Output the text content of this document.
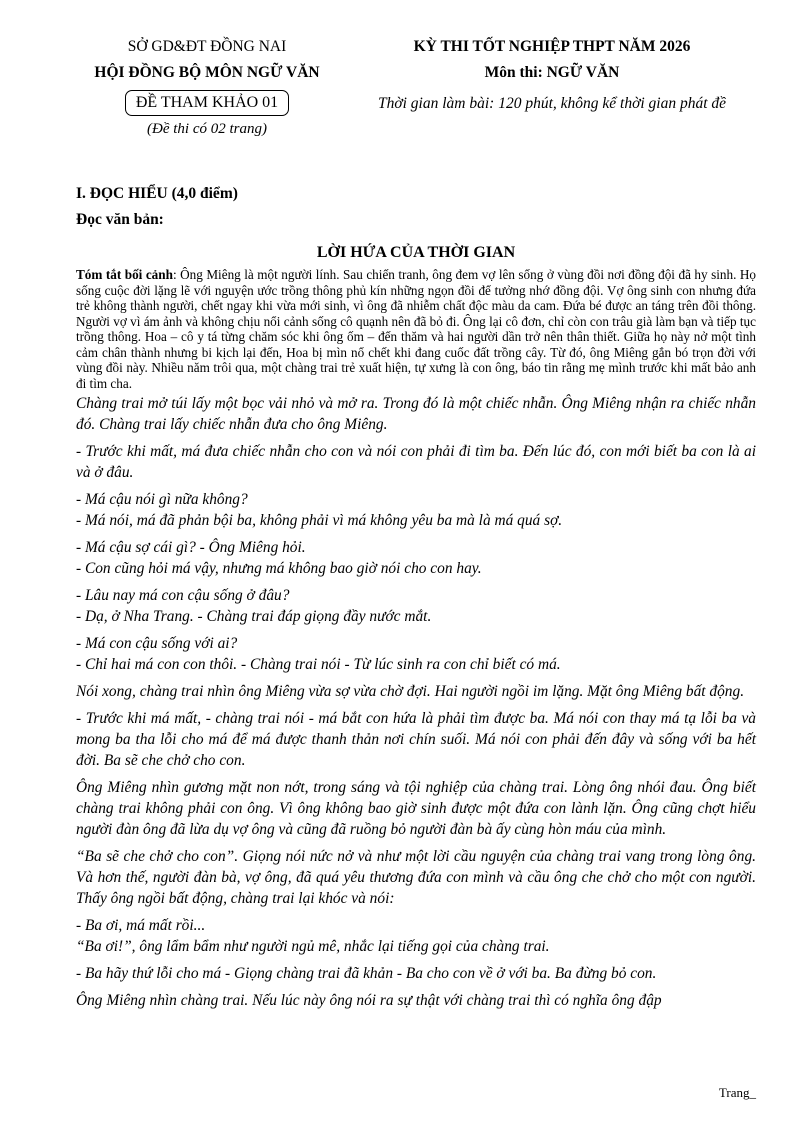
SỞ GD&ĐT ĐỒNG NAI
HỘI ĐỒNG BỘ MÔN NGỮ VĂN
ĐỀ THAM KHẢO 01
(Đề thi có 02 trang)
KỲ THI TỐT NGHIỆP THPT NĂM 2026
Môn thi: NGỮ VĂN
Thời gian làm bài: 120 phút, không kể thời gian phát đề
I. ĐỌC HIỂU (4,0 điểm)
Đọc văn bản:
LỜI HỨA CỦA THỜI GIAN
Tóm tắt bối cảnh: Ông Miêng là một người lính. Sau chiến tranh, ông đem vợ lên sống ở vùng đồi nơi đồng đội đã hy sinh. Họ sống cuộc đời lặng lẽ với nguyện ước trồng thông phủ kín những ngọn đồi để tưởng nhớ đồng đội. Vợ ông sinh con nhưng đứa trẻ không thành người, chết ngay khi vừa mới sinh, vì ông đã nhiễm chất độc màu da cam. Đứa bé được an táng trên đồi thông. Người vợ vì ám ảnh và không chịu nổi cảnh sống cô quạnh nên đã bỏ đi. Ông lại cô đơn, chỉ còn con trâu già làm bạn và tiếp tục trồng thông. Hoa – cô y tá từng chăm sóc khi ông ốm – đến thăm và hai người dần trở nên thân thiết. Giữa họ này nở một tình cảm chân thành nhưng bi kịch lại đến, Hoa bị mìn nổ chết khi đang cuốc đất trồng cây. Từ đó, ông Miêng gắn bó trọn đời với vùng đồi này. Nhiều năm trôi qua, một chàng trai trẻ xuất hiện, tự xưng là con ông, báo tin rằng mẹ mình trước khi mất bảo anh đi tìm cha.
Chàng trai mở túi lấy một bọc vải nhỏ và mở ra. Trong đó là một chiếc nhẫn. Ông Miêng nhận ra chiếc nhẫn đó. Chàng trai lấy chiếc nhẫn đưa cho ông Miêng.
- Trước khi mất, má đưa chiếc nhẫn cho con và nói con phải đi tìm ba. Đến lúc đó, con mới biết ba con là ai và ở đâu.
- Má cậu nói gì nữa không?
- Má nói, má đã phản bội ba, không phải vì má không yêu ba mà là má quá sợ.
- Má cậu sợ cái gì? - Ông Miêng hỏi.
- Con cũng hỏi má vậy, nhưng má không bao giờ nói cho con hay.
- Lâu nay má con cậu sống ở đâu?
- Dạ, ở Nha Trang. - Chàng trai đáp giọng đầy nước mắt.
- Má con cậu sống với ai?
- Chỉ hai má con con thôi. - Chàng trai nói - Từ lúc sinh ra con chỉ biết có má.
Nói xong, chàng trai nhìn ông Miêng vừa sợ vừa chờ đợi. Hai người ngồi im lặng. Mặt ông Miêng bất động.
- Trước khi má mất, - chàng trai nói - má bắt con hứa là phải tìm được ba. Má nói con thay má tạ lỗi ba và mong ba tha lỗi cho má để má được thanh thản nơi chín suối. Má nói con phải đến đây và sống với ba hết đời. Ba sẽ che chở cho con.
Ông Miêng nhìn gương mặt non nớt, trong sáng và tội nghiệp của chàng trai. Lòng ông nhói đau. Ông biết chàng trai không phải con ông. Vì ông không bao giờ sinh được một đứa con lành lặn. Ông cũng chợt hiểu người đàn ông đã lừa dụ vợ ông và cũng đã ruồng bỏ người đàn bà ấy cùng hòn máu của mình.
“Ba sẽ che chở cho con”. Giọng nói nức nở và như một lời cầu nguyện của chàng trai vang trong lòng ông. Và hơn thế, người đàn bà, vợ ông, đã quá yêu thương đứa con mình và cầu ông che chở cho một con người. Thấy ông ngồi bất động, chàng trai lại khóc và nói:
- Ba ơi, má mất rồi...
“Ba ơi!”, ông lẩm bẩm như người ngủ mê, nhắc lại tiếng gọi của chàng trai.
- Ba hãy thứ lỗi cho má - Giọng chàng trai đã khản - Ba cho con về ở với ba. Ba đừng bỏ con.
Ông Miêng nhìn chàng trai. Nếu lúc này ông nói ra sự thật với chàng trai thì có nghĩa ông đập
Trang_
